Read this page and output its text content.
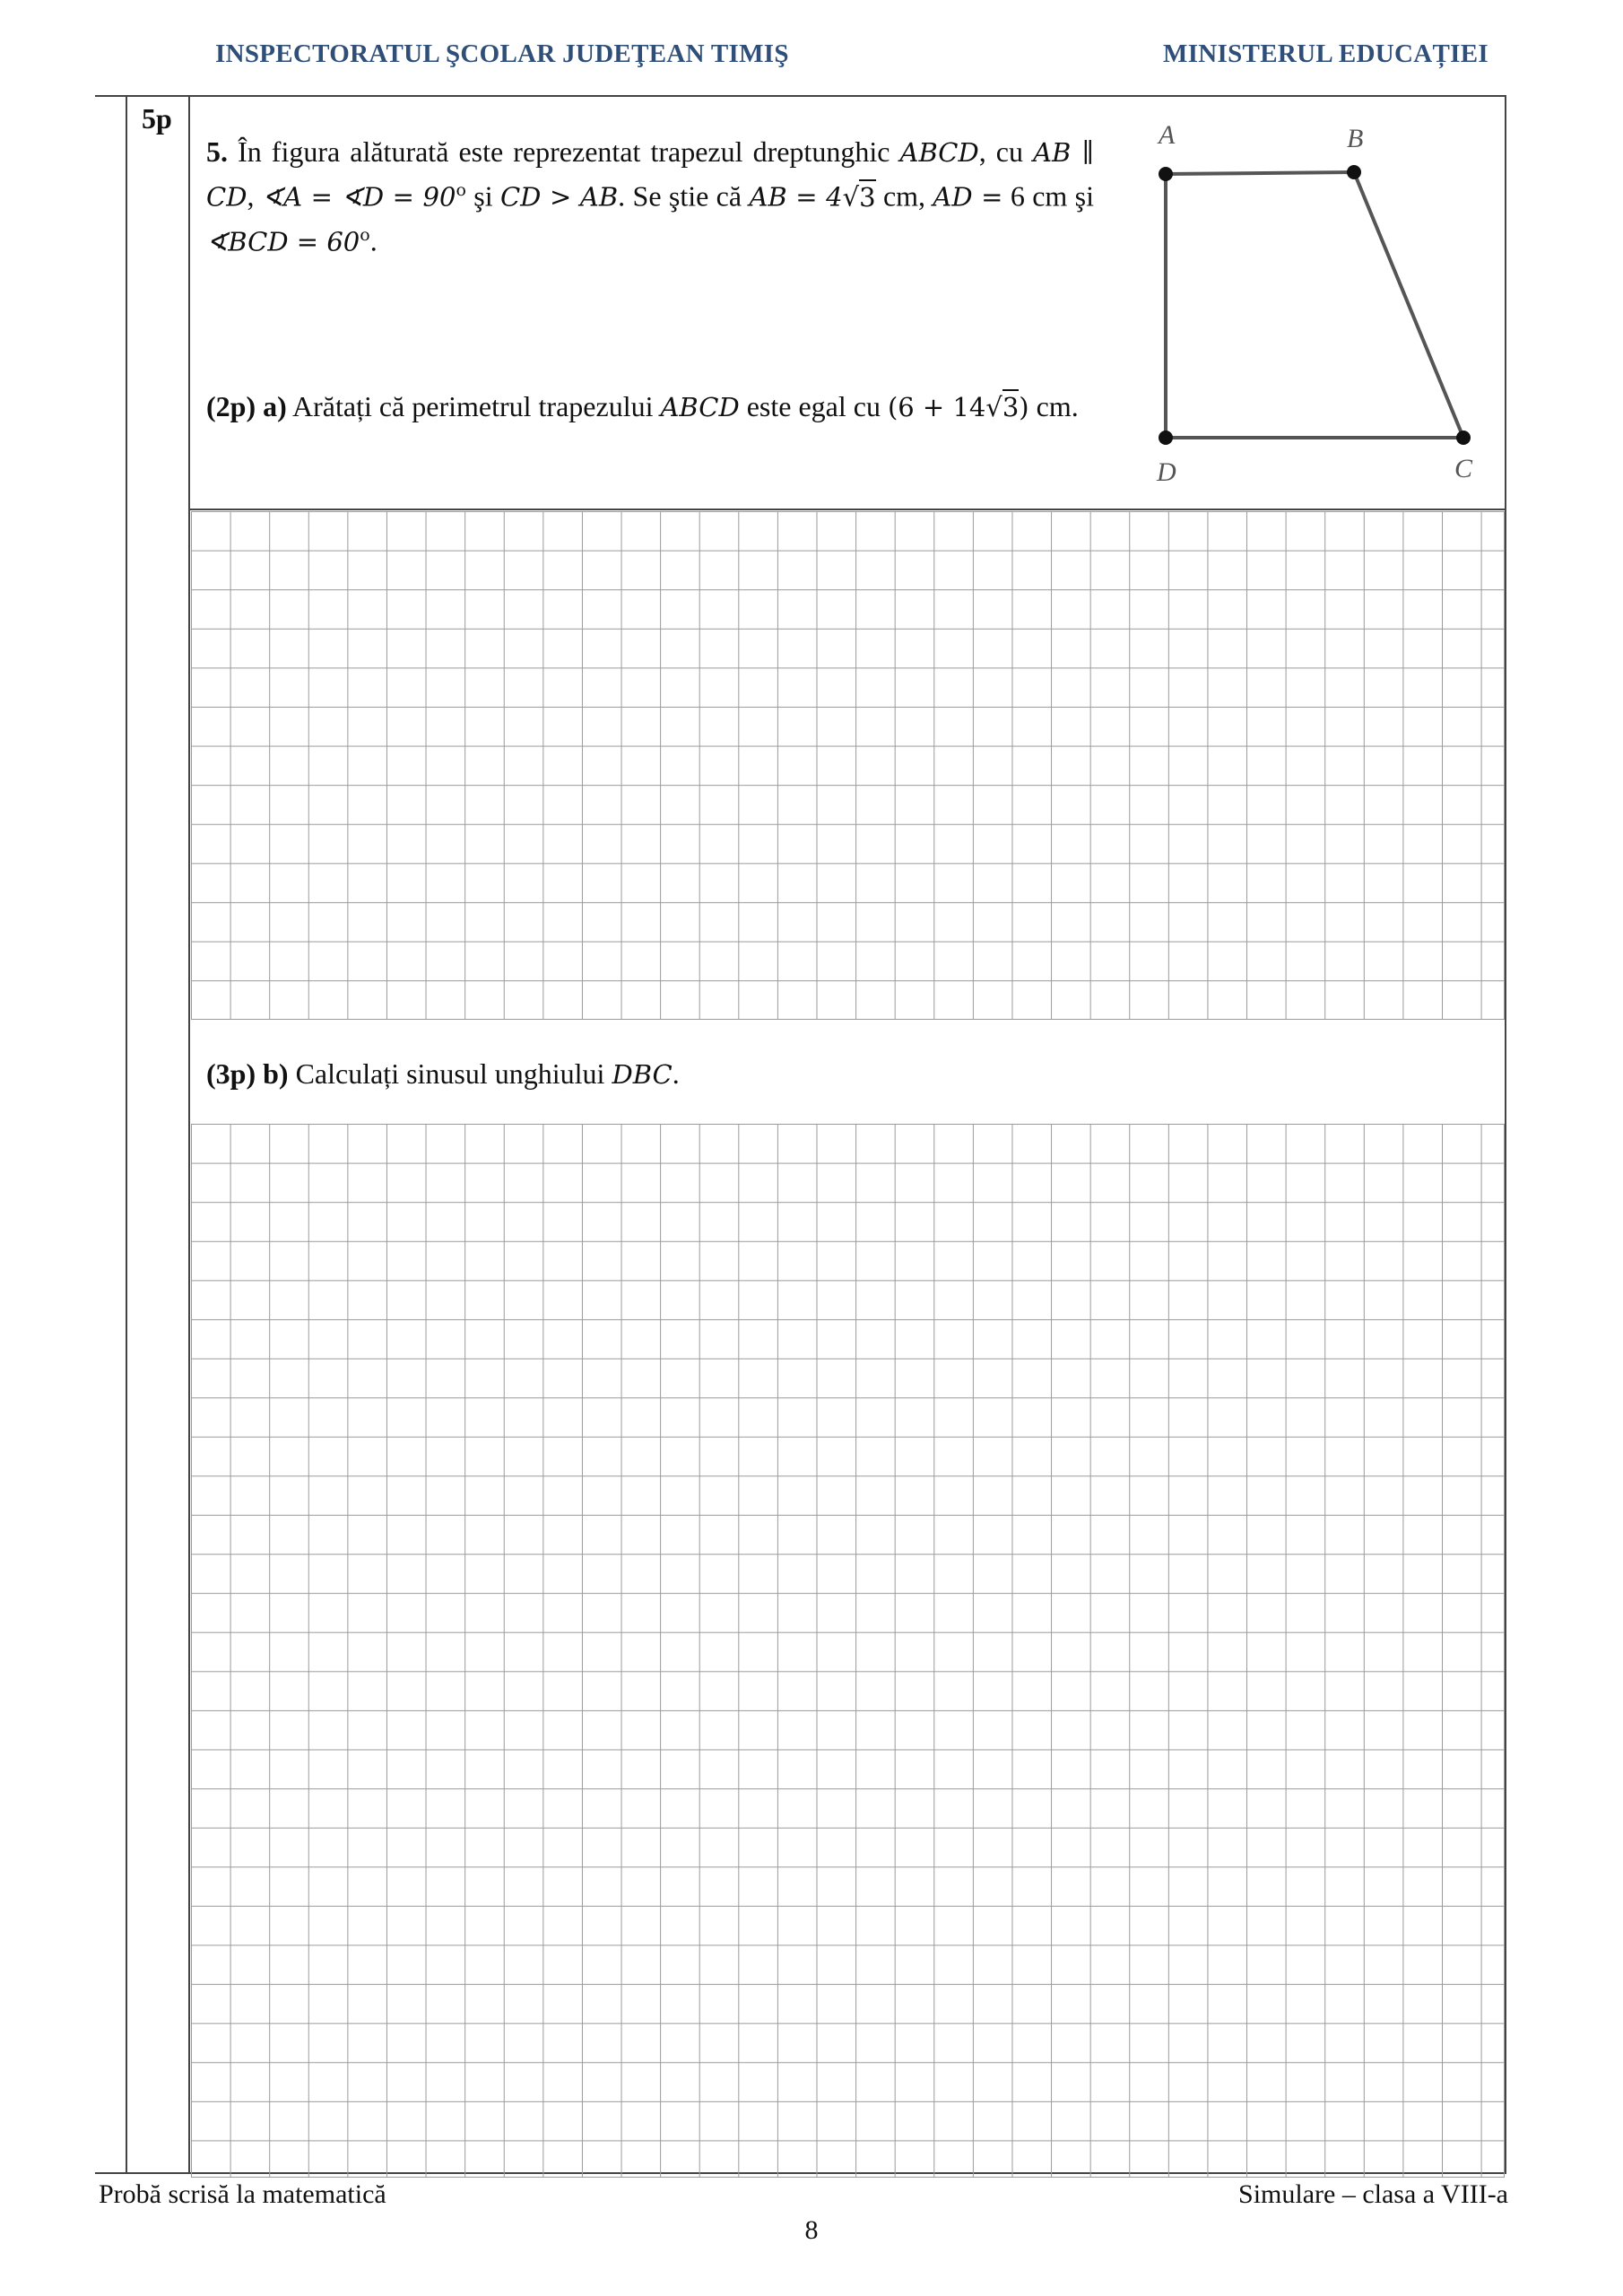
INSPECTORATUL ŞCOLAR JUDEŢEAN TIMIŞ	MINISTERUL EDUCAȚIEI
5p
5. În figura alăturată este reprezentat trapezul dreptunghic ABCD, cu AB ∥ CD, ∢A = ∢D = $90^o$ şi CD > AB. Se ştie că AB = 4√3 cm, AD = 6 cm şi ∢BCD = $60^o$.
(2p) a) Arătați că perimetrul trapezului ABCD este egal cu (6 + 14√3) cm.
(3p) b) Calculați sinusul unghiului DBC.
A	B
C
D
Probă scrisă la matematică	Simulare – clasa a VIII-a
8
